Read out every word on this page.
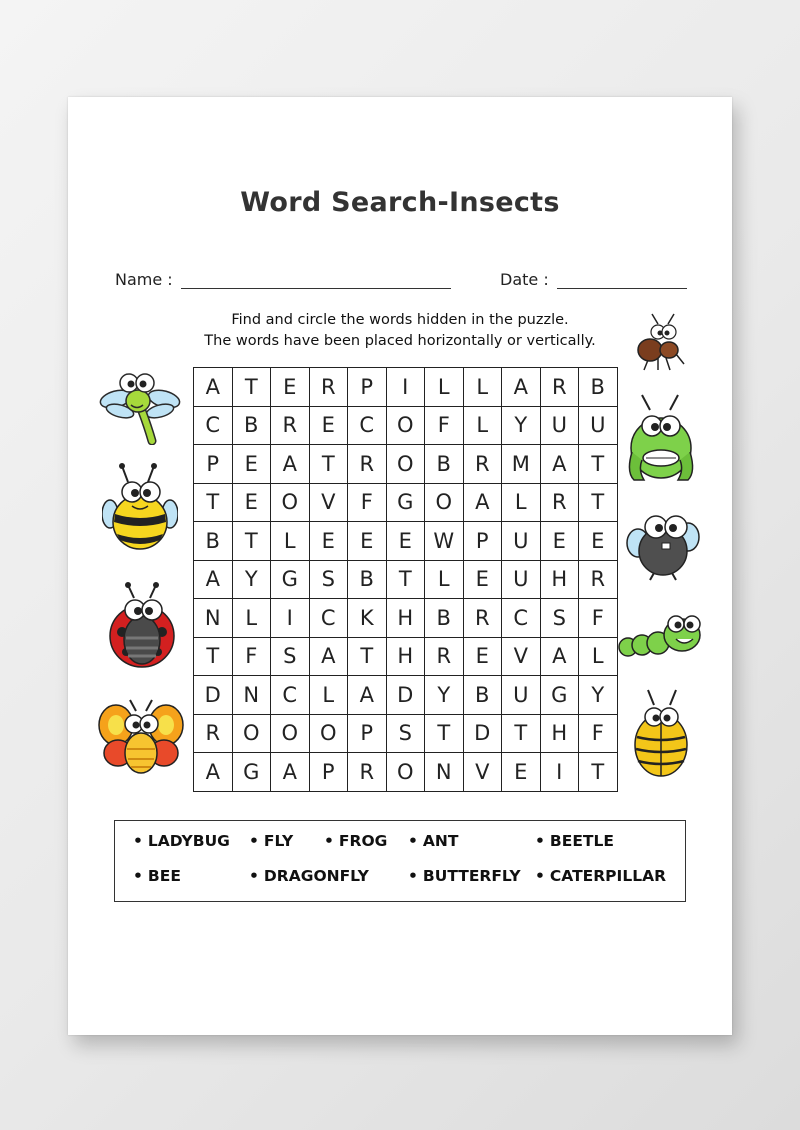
Word Search-Insects
Name :	Date :
Find and circle the words hidden in the puzzle.
The words have been placed horizontally or vertically.
A	T	E	R	P	I	L	L	A	R	B
C	B	R	E	C	O	F	L	Y	U	U
P	E	A	T	R	O	B	R	M	A	T
T	E	O	V	F	G	O	A	L	R	T
B	T	L	E	E	E	W	P	U	E	E
A	Y	G	S	B	T	L	E	U	H	R
N	L	I	C	K	H	B	R	C	S	F
T	F	S	A	T	H	R	E	V	A	L
D	N	C	L	A	D	Y	B	U	G	Y
R	O	O	O	P	S	T	D	T	H	F
A	G	A	P	R	O	N	V	E	I	T
• LADYBUG	• FLY	• FROG	• ANT	• BEETLE
• BEE	• DRAGONFLY	• BUTTERFLY	• CATERPILLAR
